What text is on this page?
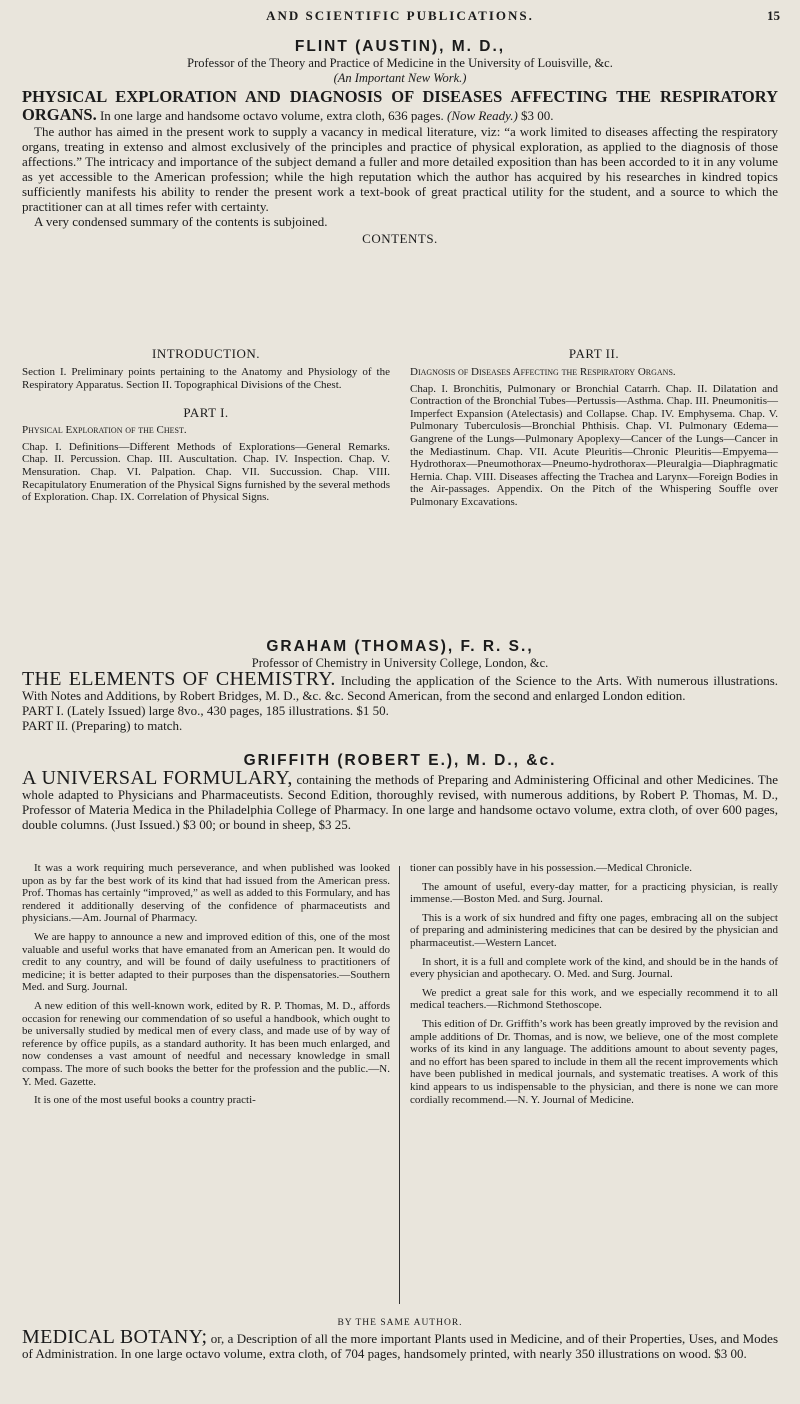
AND SCIENTIFIC PUBLICATIONS.	15

FLINT (AUSTIN), M. D.,

Professor of the Theory and Practice of Medicine in the University of Louisville, &c.

(An Important New Work.)

PHYSICAL EXPLORATION AND DIAGNOSIS OF DISEASES AFFECTING THE RESPIRATORY ORGANS. In one large and handsome octavo volume, extra cloth, 636 pages. (Now Ready.) $3 00.

The author has aimed in the present work to supply a vacancy in medical literature, viz: “a work limited to diseases affecting the respiratory organs, treating in extenso and almost exclusively of the principles and practice of physical exploration, as applied to the diagnosis of those affections.” The intricacy and importance of the subject demand a fuller and more detailed exposition than has been accorded to it in any volume as yet accessible to the American profession; while the high reputation which the author has acquired by his researches in kindred topics sufficiently manifests his ability to render the present work a text-book of great practical utility for the student, and a source to which the practitioner can at all times refer with certainty.

A very condensed summary of the contents is subjoined.

CONTENTS.

INTRODUCTION.

Section I. Preliminary points pertaining to the Anatomy and Physiology of the Respiratory Apparatus. Section II. Topographical Divisions of the Chest.

PART I.

Physical Exploration of the Chest.

Chap. I. Definitions—Different Methods of Explorations—General Remarks. Chap. II. Percussion. Chap. III. Auscultation. Chap. IV. Inspection. Chap. V. Mensuration. Chap. VI. Palpation. Chap. VII. Succussion. Chap. VIII. Recapitulatory Enumeration of the Physical Signs furnished by the several methods of Exploration. Chap. IX. Correlation of Physical Signs.

PART II.

Diagnosis of Diseases Affecting the Respiratory Organs.

Chap. I. Bronchitis, Pulmonary or Bronchial Catarrh. Chap. II. Dilatation and Contraction of the Bronchial Tubes—Pertussis—Asthma. Chap. III. Pneumonitis—Imperfect Expansion (Atelectasis) and Collapse. Chap. IV. Emphysema. Chap. V. Pulmonary Tuberculosis—Bronchial Phthisis. Chap. VI. Pulmonary Œdema—Gangrene of the Lungs—Pulmonary Apoplexy—Cancer of the Lungs—Cancer in the Mediastinum. Chap. VII. Acute Pleuritis—Chronic Pleuritis—Empyema—Hydrothorax—Pneumothorax—Pneumo-hydrothorax—Pleuralgia—Diaphragmatic Hernia. Chap. VIII. Diseases affecting the Trachea and Larynx—Foreign Bodies in the Air-passages. Appendix. On the Pitch of the Whispering Souffle over Pulmonary Excavations.

GRAHAM (THOMAS), F. R. S.,

Professor of Chemistry in University College, London, &c.

THE ELEMENTS OF CHEMISTRY. Including the application of the Science to the Arts. With numerous illustrations. With Notes and Additions, by Robert Bridges, M. D., &c. &c. Second American, from the second and enlarged London edition.

PART I. (Lately Issued) large 8vo., 430 pages, 185 illustrations. $1 50.

PART II. (Preparing) to match.

GRIFFITH (ROBERT E.), M. D., &c.

A UNIVERSAL FORMULARY, containing the methods of Preparing and Administering Officinal and other Medicines. The whole adapted to Physicians and Pharmaceutists. Second Edition, thoroughly revised, with numerous additions, by Robert P. Thomas, M. D., Professor of Materia Medica in the Philadelphia College of Pharmacy. In one large and handsome octavo volume, extra cloth, of over 600 pages, double columns. (Just Issued.) $3 00; or bound in sheep, $3 25.

It was a work requiring much perseverance, and when published was looked upon as by far the best work of its kind that had issued from the American press. Prof. Thomas has certainly “improved,” as well as added to this Formulary, and has rendered it additionally deserving of the confidence of pharmaceutists and physicians.—Am. Journal of Pharmacy.

We are happy to announce a new and improved edition of this, one of the most valuable and useful works that have emanated from an American pen. It would do credit to any country, and will be found of daily usefulness to practitioners of medicine; it is better adapted to their purposes than the dispensatories.—Southern Med. and Surg. Journal.

A new edition of this well-known work, edited by R. P. Thomas, M. D., affords occasion for renewing our commendation of so useful a handbook, which ought to be universally studied by medical men of every class, and made use of by way of reference by office pupils, as a standard authority. It has been much enlarged, and now condenses a vast amount of needful and necessary knowledge in small compass. The more of such books the better for the profession and the public.—N. Y. Med. Gazette.

It is one of the most useful books a country practi-

tioner can possibly have in his possession.—Medical Chronicle.

The amount of useful, every-day matter, for a practicing physician, is really immense.—Boston Med. and Surg. Journal.

This is a work of six hundred and fifty one pages, embracing all on the subject of preparing and administering medicines that can be desired by the physician and pharmaceutist.—Western Lancet.

In short, it is a full and complete work of the kind, and should be in the hands of every physician and apothecary. O. Med. and Surg. Journal.

We predict a great sale for this work, and we especially recommend it to all medical teachers.—Richmond Stethoscope.

This edition of Dr. Griffith’s work has been greatly improved by the revision and ample additions of Dr. Thomas, and is now, we believe, one of the most complete works of its kind in any language. The additions amount to about seventy pages, and no effort has been spared to include in them all the recent improvements which have been published in medical journals, and systematic treatises. A work of this kind appears to us indispensable to the physician, and there is none we can more cordially recommend.—N. Y. Journal of Medicine.

BY THE SAME AUTHOR.

MEDICAL BOTANY; or, a Description of all the more important Plants used in Medicine, and of their Properties, Uses, and Modes of Administration. In one large octavo volume, extra cloth, of 704 pages, handsomely printed, with nearly 350 illustrations on wood. $3 00.
